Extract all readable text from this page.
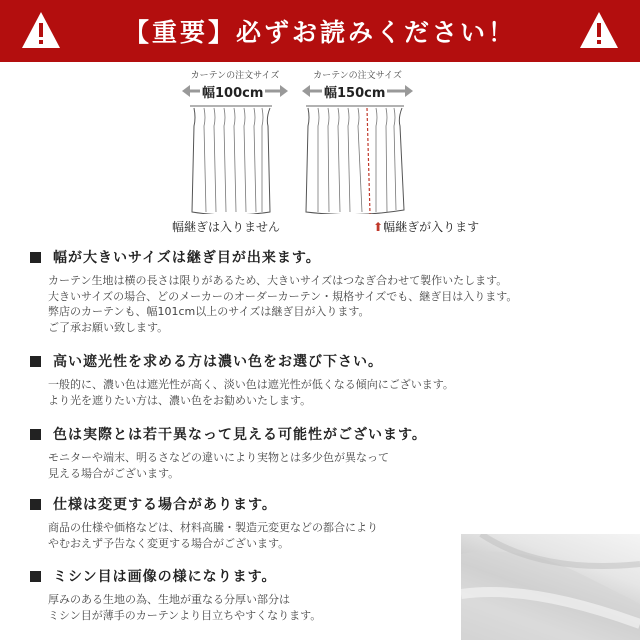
【重要】必ずお読みください！
カーテンの注文サイズ
幅100cm
カーテンの注文サイズ
幅150cm
幅継ぎは入りません	⬆幅継ぎが入ります
幅が大きいサイズは継ぎ目が出来ます。
カーテン生地は横の長さは限りがあるため、大きいサイズはつなぎ合わせて製作いたします。
大きいサイズの場合、どのメーカーのオーダーカーテン・規格サイズでも、継ぎ目は入ります。
弊店のカーテンも、幅101cm以上のサイズは継ぎ目が入ります。
ご了承お願い致します。
高い遮光性を求める方は濃い色をお選び下さい。
一般的に、濃い色は遮光性が高く、淡い色は遮光性が低くなる傾向にございます。
より光を遮りたい方は、濃い色をお勧めいたします。
色は実際とは若干異なって見える可能性がございます。
モニターや端末、明るさなどの違いにより実物とは多少色が異なって
見える場合がございます。
仕様は変更する場合があります。
商品の仕様や価格などは、材料高騰・製造元変更などの都合により
やむおえず予告なく変更する場合がございます。
ミシン目は画像の様になります。
厚みのある生地の為、生地が重なる分厚い部分は
ミシン目が薄手のカーテンより目立ちやすくなります。
